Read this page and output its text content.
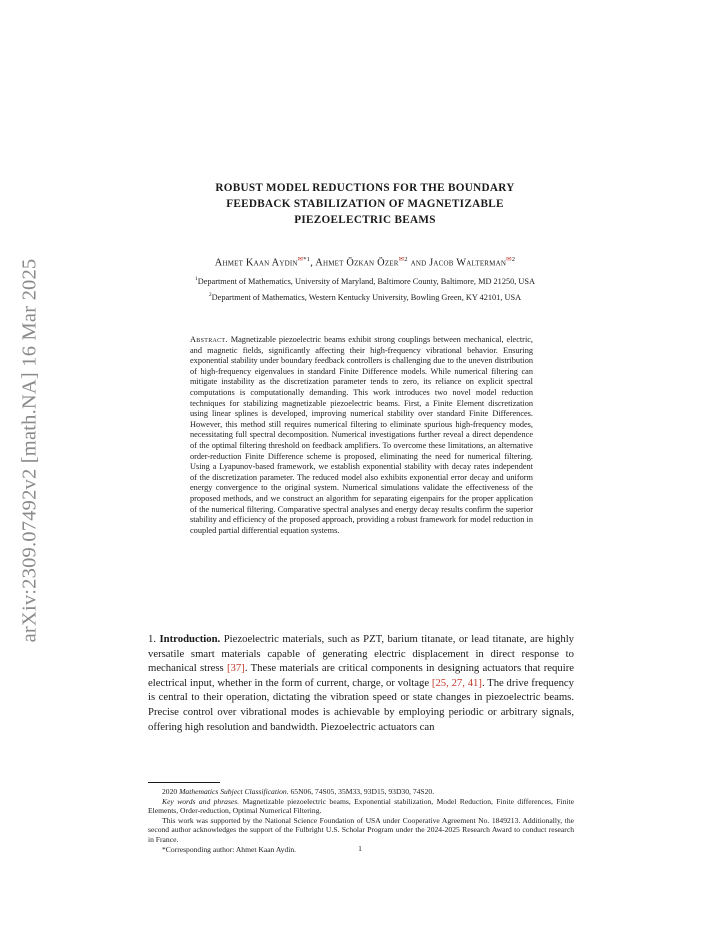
arXiv:2309.07492v2 [math.NA] 16 Mar 2025
ROBUST MODEL REDUCTIONS FOR THE BOUNDARY
FEEDBACK STABILIZATION OF MAGNETIZABLE
PIEZOELECTRIC BEAMS
Ahmet Kaan Aydin$^{✉*1}$, Ahmet Özkan Özer$^{✉2}$ and Jacob Walterman$^{✉2}$
$^1$Department of Mathematics, University of Maryland, Baltimore County, Baltimore, MD 21250, USA
$^2$Department of Mathematics, Western Kentucky University, Bowling Green, KY 42101, USA

Abstract. Magnetizable piezoelectric beams exhibit strong couplings between mechanical, electric, and magnetic fields, significantly affecting their high-frequency vibrational behavior. Ensuring exponential stability under boundary feedback controllers is challenging due to the uneven distribution of high-frequency eigenvalues in standard Finite Difference models. While numerical filtering can mitigate instability as the discretization parameter tends to zero, its reliance on explicit spectral computations is computationally demanding. This work introduces two novel model reduction techniques for stabilizing magnetizable piezoelectric beams. First, a Finite Element discretization using linear splines is developed, improving numerical stability over standard Finite Differences. However, this method still requires numerical filtering to eliminate spurious high-frequency modes, necessitating full spectral decomposition. Numerical investigations further reveal a direct dependence of the optimal filtering threshold on feedback amplifiers. To overcome these limitations, an alternative order-reduction Finite Difference scheme is proposed, eliminating the need for numerical filtering. Using a Lyapunov-based framework, we establish exponential stability with decay rates independent of the discretization parameter. The reduced model also exhibits exponential error decay and uniform energy convergence to the original system. Numerical simulations validate the effectiveness of the proposed methods, and we construct an algorithm for separating eigenpairs for the proper application of the numerical filtering. Comparative spectral analyses and energy decay results confirm the superior stability and efficiency of the proposed approach, providing a robust framework for model reduction in coupled partial differential equation systems.

1. Introduction. Piezoelectric materials, such as PZT, barium titanate, or lead titanate, are highly versatile smart materials capable of generating electric displacement in direct response to mechanical stress [37]. These materials are critical components in designing actuators that require electrical input, whether in the form of current, charge, or voltage [25, 27, 41]. The drive frequency is central to their operation, dictating the vibration speed or state changes in piezoelectric beams. Precise control over vibrational modes is achievable by employing periodic or arbitrary signals, offering high resolution and bandwidth. Piezoelectric actuators can

2020 Mathematics Subject Classification. 65N06, 74S05, 35M33, 93D15, 93D30, 74S20.

Key words and phrases. Magnetizable piezoelectric beams, Exponential stabilization, Model Reduction, Finite differences, Finite Elements, Order-reduction, Optimal Numerical Filtering.

This work was supported by the National Science Foundation of USA under Cooperative Agreement No. 1849213. Additionally, the second author acknowledges the support of the Fulbright U.S. Scholar Program under the 2024-2025 Research Award to conduct research in France.

*Corresponding author: Ahmet Kaan Aydin.	1
